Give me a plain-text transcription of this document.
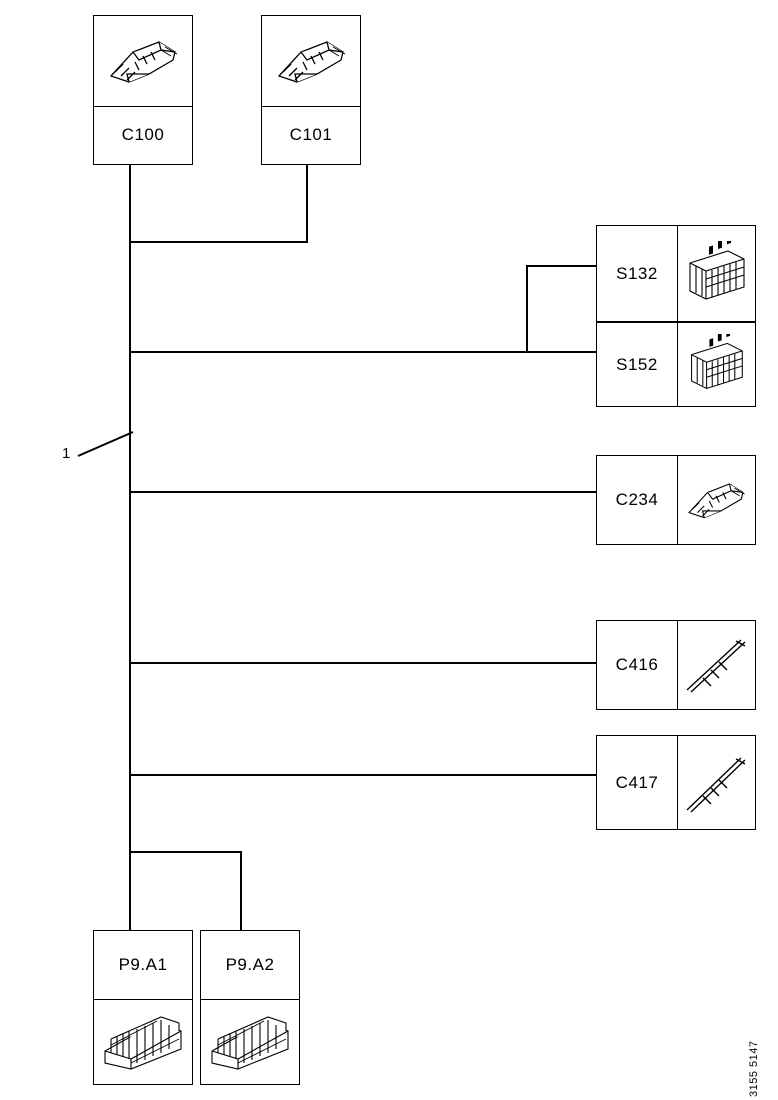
1
C100	C101
S132
S152
C234
C416
C417
P9.A1	P9.A2
3155 5147
